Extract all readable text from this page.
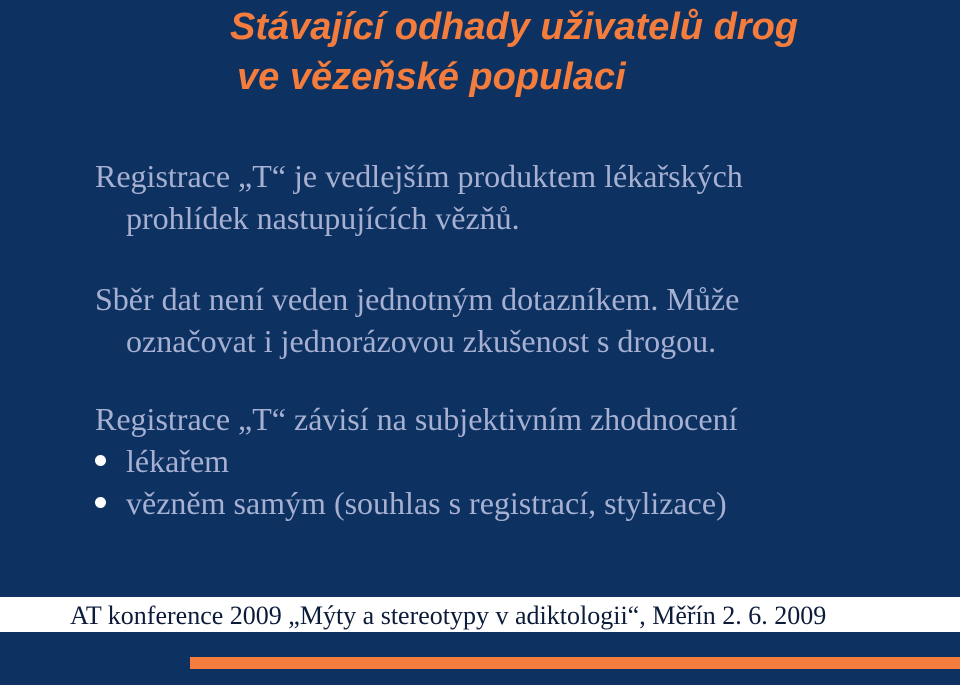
Stávající odhady uživatelů drog
ve vězeňské populaci
Registrace „T“ je vedlejším produktem lékařských
prohlídek nastupujících vězňů.
Sběr dat není veden jednotným dotazníkem. Může
označovat i jednorázovou zkušenost s drogou.
Registrace „T“ závisí na subjektivním zhodnocení
lékařem
vězněm samým (souhlas s registrací, stylizace)
AT konference 2009 „Mýty a stereotypy v adiktologii“, Měřín 2. 6. 2009
